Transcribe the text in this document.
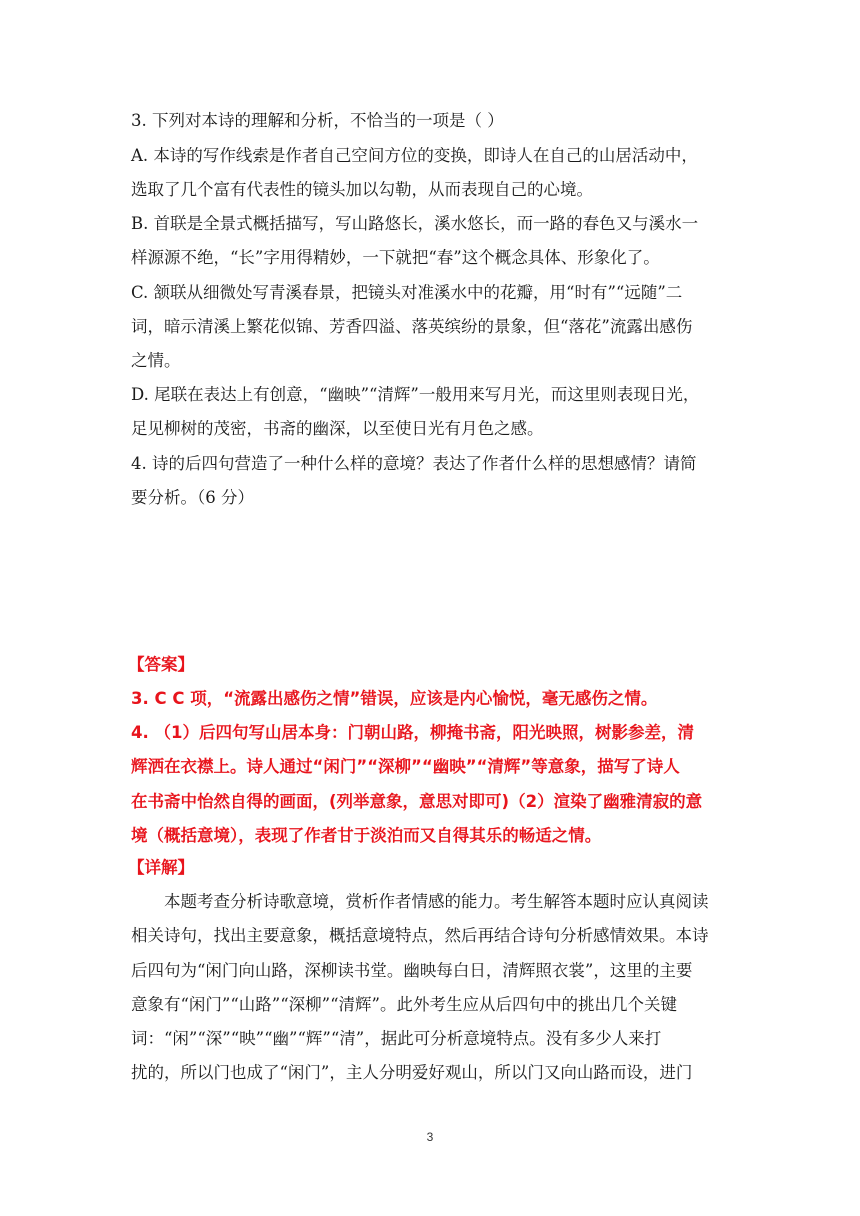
3. 下列对本诗的理解和分析，不恰当的一项是（ ）
A. 本诗的写作线索是作者自己空间方位的变换，即诗人在自己的山居活动中，
选取了几个富有代表性的镜头加以勾勒，从而表现自己的心境。
B. 首联是全景式概括描写，写山路悠长，溪水悠长，而一路的春色又与溪水一
样源源不绝，“长”字用得精妙，一下就把“春”这个概念具体、形象化了。
C. 颔联从细微处写青溪春景，把镜头对准溪水中的花瓣，用“时有”“远随”二
词，暗示清溪上繁花似锦、芳香四溢、落英缤纷的景象，但“落花”流露出感伤
之情。
D. 尾联在表达上有创意，“幽映”“清辉”一般用来写月光，而这里则表现日光，
足见柳树的茂密，书斋的幽深，以至使日光有月色之感。
4. 诗的后四句营造了一种什么样的意境？表达了作者什么样的思想感情？请简
要分析。（6 分）
【答案】
3. C C 项，“流露出感伤之情”错误，应该是内心愉悦，毫无感伤之情。
4. （1）后四句写山居本身：门朝山路，柳掩书斋，阳光映照，树影参差，清
辉洒在衣襟上。诗人通过“闲门”“深柳”“幽映”“清辉”等意象，描写了诗人
在书斋中怡然自得的画面，(列举意象，意思对即可)（2）渲染了幽雅清寂的意
境（概括意境），表现了作者甘于淡泊而又自得其乐的畅适之情。
【详解】
本题考查分析诗歌意境，赏析作者情感的能力。考生解答本题时应认真阅读
相关诗句，找出主要意象，概括意境特点，然后再结合诗句分析感情效果。本诗
后四句为“闲门向山路，深柳读书堂。幽映每白日，清辉照衣裳”，这里的主要
意象有“闲门”“山路”“深柳”“清辉”。此外考生应从后四句中的挑出几个关键
词：“闲”“深”“映”“幽”“辉”“清”，据此可分析意境特点。没有多少人来打
扰的，所以门也成了“闲门”，主人分明爱好观山，所以门又向山路而设，进门
3
